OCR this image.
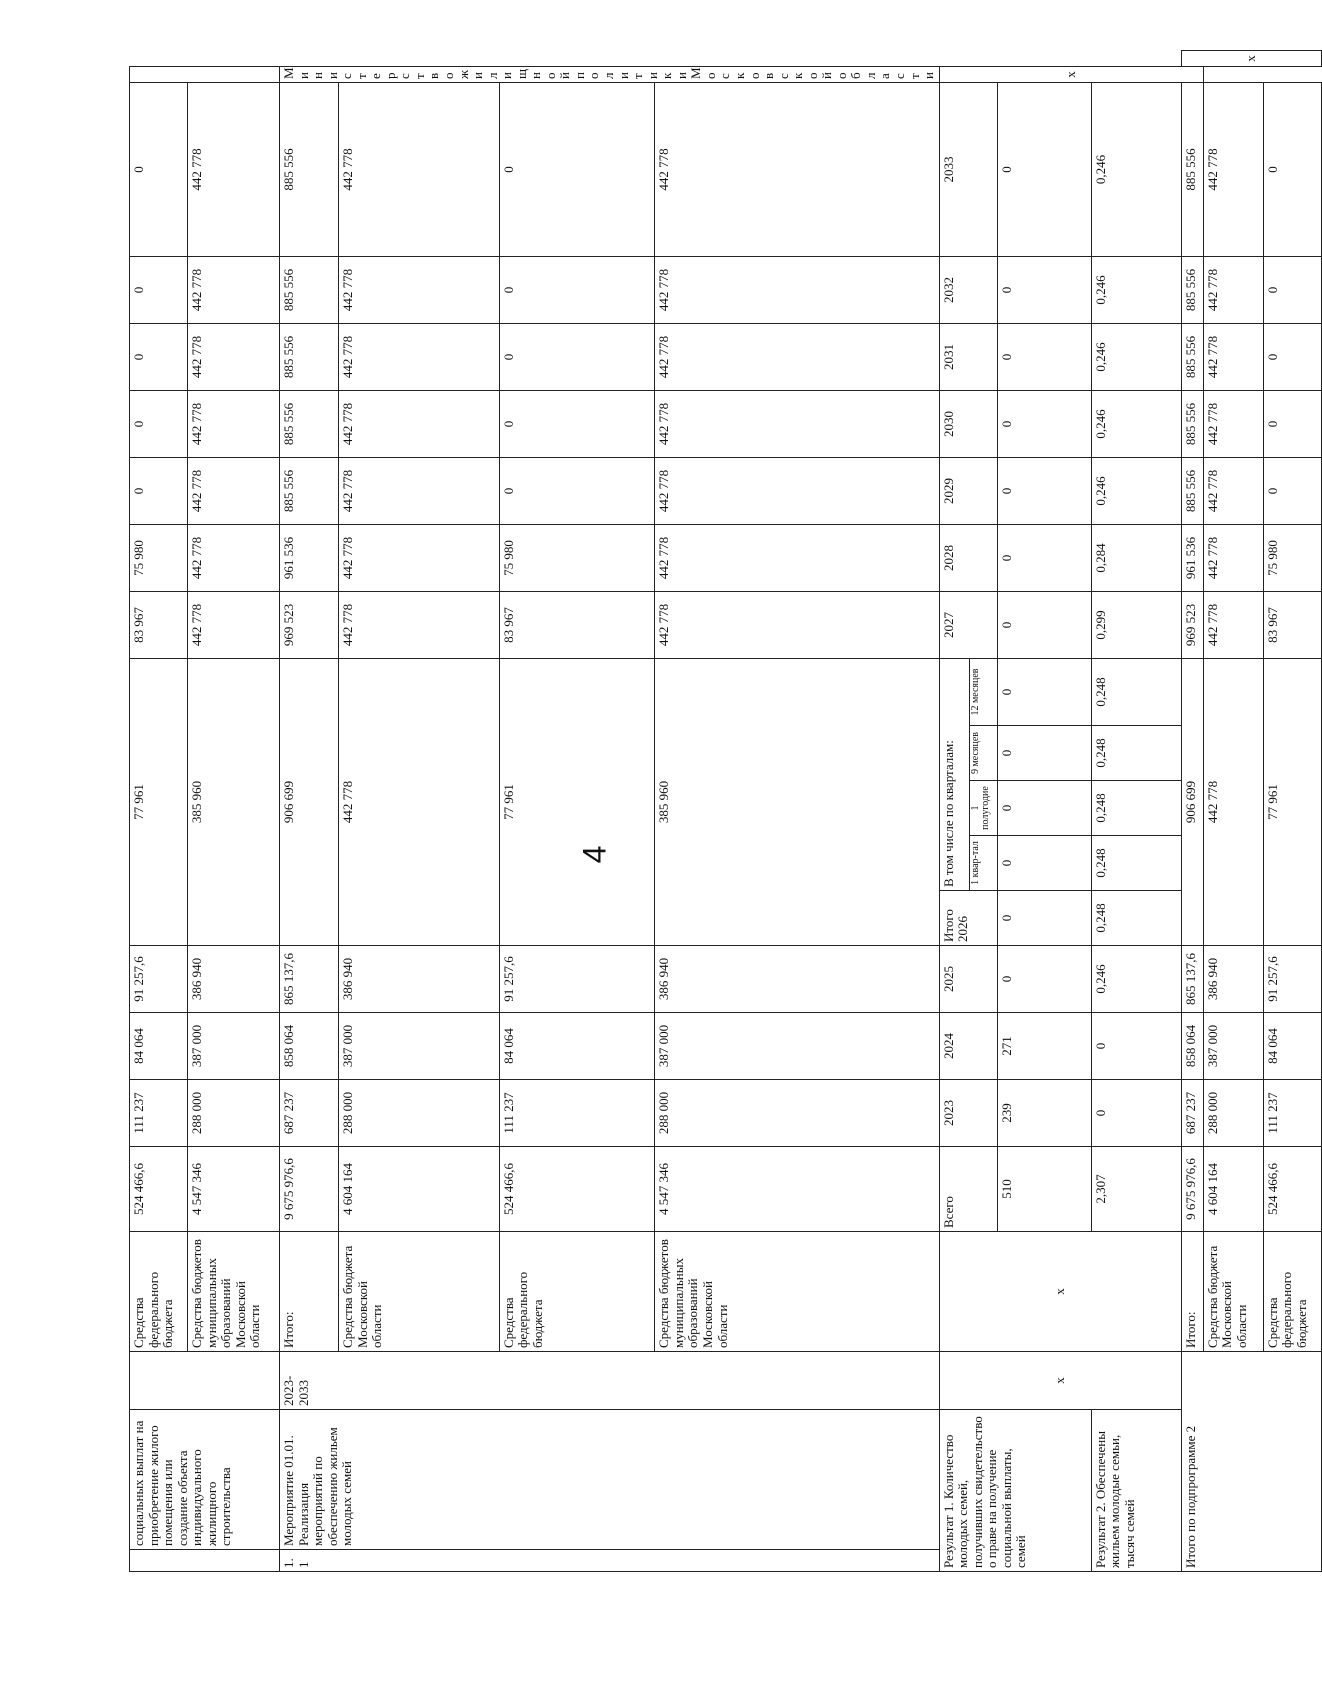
4
	социальных выплат на приобретение жилого помещения или создание объекта индивидуального жилищного строительства		Средства федерального бюджета	524 466,6	111 237	84 064	91 257,6	77 961					83 967	75 980	0	0	0	0	0		
			Средства бюджетов муниципальных образований Московской области	4 547 346	288 000	387 000	386 940	385 960					442 778	442 778	442 778	442 778	442 778	442 778	442 778		
1.1	Мероприятие 01.01. Реализация мероприятий по обеспечению жильем молодых семей	2023-2033	Итого:	9 675 976,6	687 237	858 064	865 137,6	906 699					969 523	961 536	885 556	885 556	885 556	885 556	885 556	Министерство жилищной политики Московской области	
			Средства бюджета Московской области	4 604 164	288 000	387 000	386 940	442 778					442 778	442 778	442 778	442 778	442 778	442 778	442 778		
			Средства федерального бюджета	524 466,6	111 237	84 064	91 257,6	77 961					83 967	75 980	0	0	0	0	0		
			Средства бюджетов муниципальных образований Московской области	4 547 346	288 000	387 000	386 940	385 960					442 778	442 778	442 778	442 778	442 778	442 778	442 778		
Результат 1. Количество молодых семей, получивших свидетельство о праве на получение социальной выплаты, семей		х	х	Всего	2023	2024	2025	Итого 2026	В том числе по кварталам:				2027	2028	2029	2030	2031	2032	2033	х	
									1 квар-тал	1 полугодие	9 месяцев	12 месяцев									
				510	239	271	0	0	0	0	0	0	0	0	0	0	0	0	0		
Результат 2. Обеспечены жильем молодые семьи, тысяч семей				2,307	0	0	0,246	0,248	0,248	0,248	0,248	0,248	0,299	0,284	0,246	0,246	0,246	0,246	0,246		
Итого по подпрограмме 2			Итого:	9 675 976,6	687 237	858 064	865 137,6	906 699					969 523	961 536	885 556	885 556	885 556	885 556	885 556		х
			Средства бюджета Московской области	4 604 164	288 000	387 000	386 940	442 778					442 778	442 778	442 778	442 778	442 778	442 778	442 778		
			Средства федерального бюджета	524 466,6	111 237	84 064	91 257,6	77 961					83 967	75 980	0	0	0	0	0		
